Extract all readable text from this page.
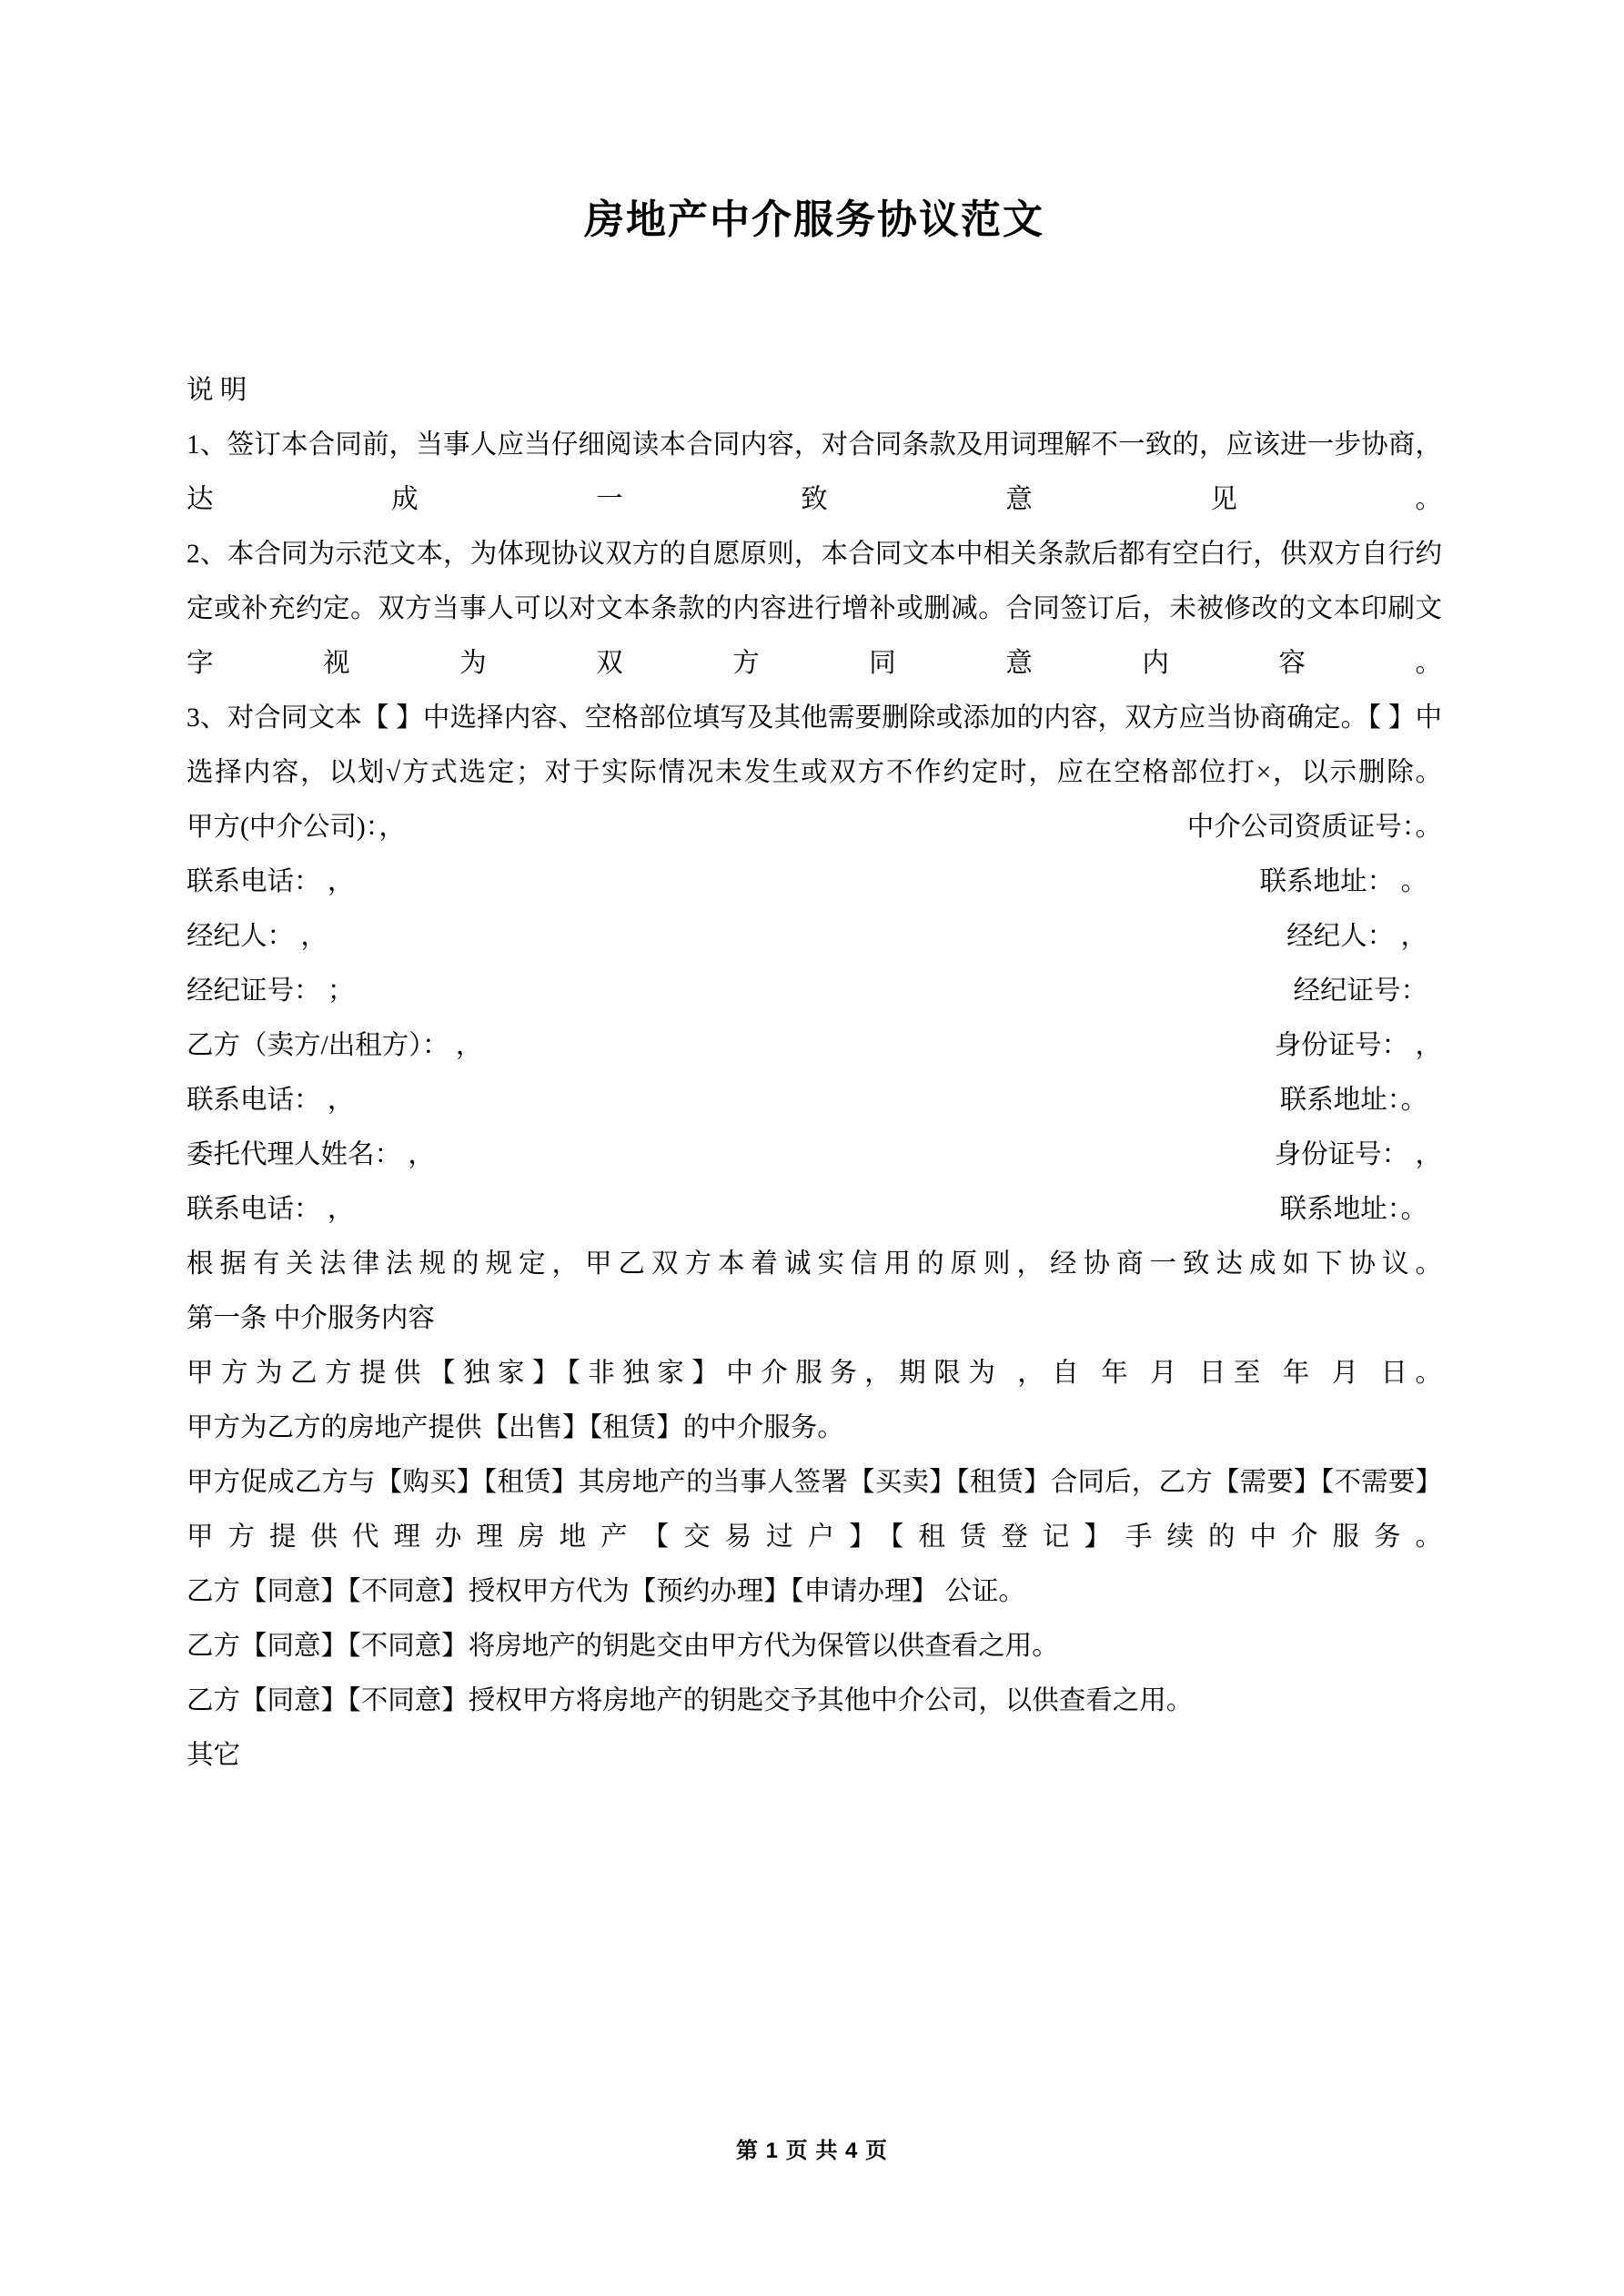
房地产中介服务协议范文

说 明

1、签订本合同前，当事人应当仔细阅读本合同内容，对合同条款及用词理解不一致的，应该进一步协商，达成一致意见。

2、本合同为示范文本，为体现协议双方的自愿原则，本合同文本中相关条款后都有空白行，供双方自行约定或补充约定。双方当事人可以对文本条款的内容进行增补或删减。合同签订后，未被修改的文本印刷文字视为双方同意内容。

3、对合同文本【 】中选择内容、空格部位填写及其他需要删除或添加的内容，双方应当协商确定。【 】中选择内容，以划√方式选定；对于实际情况未发生或双方不作约定时，应在空格部位打×，以示删除。

甲方(中介公司)：，	中介公司资质证号：。
联系电话： ，	联系地址： 。
经纪人： ，	经纪人： ，
经纪证号： ；	经纪证号：
乙方（卖方/出租方）： ，	身份证号： ，
联系电话： ，	联系地址：。
委托代理人姓名： ，	身份证号： ，
联系电话： ，	联系地址：。

根据有关法律法规的规定，甲乙双方本着诚实信用的原则，经协商一致达成如下协议。

第一条 中介服务内容

甲方为乙方提供【独家】【非独家】中介服务，期限为 ，自 年 月 日至 年 月 日。

甲方为乙方的房地产提供【出售】【租赁】的中介服务。

甲方促成乙方与【购买】【租赁】其房地产的当事人签署【买卖】【租赁】合同后，乙方【需要】【不需要】甲方提供代理办理房地产【交易过户】【租赁登记】手续的中介服务。

乙方【同意】【不同意】授权甲方代为【预约办理】【申请办理】 公证。

乙方【同意】【不同意】将房地产的钥匙交由甲方代为保管以供查看之用。

乙方【同意】【不同意】授权甲方将房地产的钥匙交予其他中介公司，以供查看之用。

其它

第 1 页 共 4 页
